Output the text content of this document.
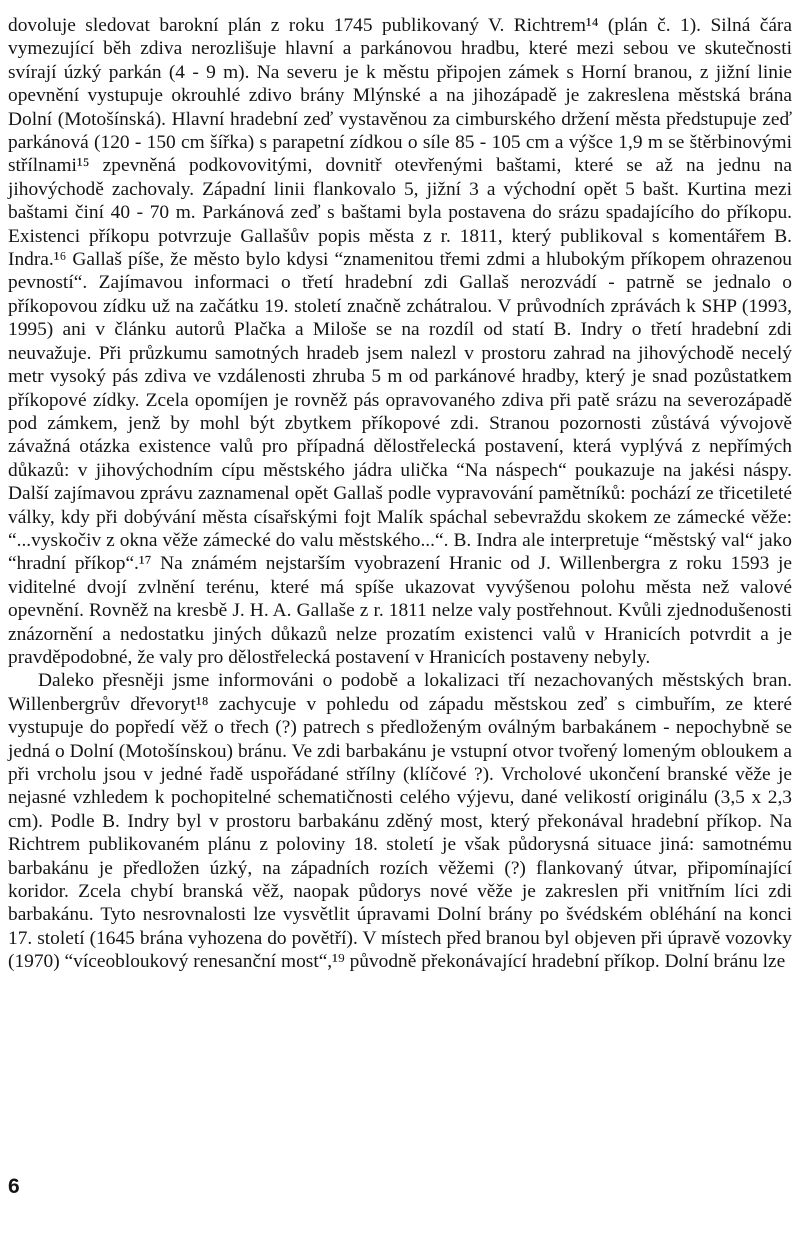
dovoluje sledovat barokní plán z roku 1745 publikovaný V. Richtrem¹⁴ (plán č. 1). Silná čára vymezující běh zdiva nerozlišuje hlavní a parkánovou hradbu, které mezi sebou ve skutečnosti svírají úzký parkán (4 - 9 m). Na severu je k městu připojen zámek s Horní branou, z jižní linie opevnění vystupuje okrouhlé zdivo brány Mlýnské a na jihozápadě je zakreslena městská brána Dolní (Motošínská). Hlavní hradební zeď vystavěnou za cimburského držení města předstupuje zeď parkánová (120 - 150 cm šířka) s parapetní zídkou o síle 85 - 105 cm a výšce 1,9 m se štěrbinovými střílnami¹⁵ zpevněná podkovovitými, dovnitř otevřenými baštami, které se až na jednu na jihovýchodě zachovaly. Západní linii flankovalo 5, jižní 3 a východní opět 5 bašt. Kurtina mezi baštami činí 40 - 70 m. Parkánová zeď s baštami byla postavena do srázu spadajícího do příkopu. Existenci příkopu potvrzuje Gallašův popis města z r. 1811, který publikoval s komentářem B. Indra.¹⁶ Gallaš píše, že město bylo kdysi “znamenitou třemi zdmi a hlubokým příkopem ohrazenou pevností“. Zajímavou informaci o třetí hradební zdi Gallaš nerozvádí - patrně se jednalo o příkopovou zídku už na začátku 19. století značně zchátralou. V průvodních zprávách k SHP (1993, 1995) ani v článku autorů Plačka a Miloše se na rozdíl od statí B. Indry o třetí hradební zdi neuvažuje. Při průzkumu samotných hradeb jsem nalezl v prostoru zahrad na jihovýchodě necelý metr vysoký pás zdiva ve vzdálenosti zhruba 5 m od parkánové hradby, který je snad pozůstatkem příkopové zídky. Zcela opomíjen je rovněž pás opravovaného zdiva při patě srázu na severozápadě pod zámkem, jenž by mohl být zbytkem příkopové zdi. Stranou pozornosti zůstává vývojově závažná otázka existence valů pro případná dělostřelecká postavení, která vyplývá z nepřímých důkazů: v jihovýchodním cípu městského jádra ulička “Na náspech“ poukazuje na jakési náspy. Další zajímavou zprávu zaznamenal opět Gallaš podle vypravování pamětníků: pochází ze třicetileté války, kdy při dobývání města císařskými fojt Malík spáchal sebevraždu skokem ze zámecké věže: “...vyskočiv z okna věže zámecké do valu městského...“. B. Indra ale interpretuje “městský val“ jako “hradní příkop“.¹⁷ Na známém nejstarším vyobrazení Hranic od J. Willenbergra z roku 1593 je viditelné dvojí zvlnění terénu, které má spíše ukazovat vyvýšenou polohu města než valové opevnění. Rovněž na kresbě J. H. A. Gallaše z r. 1811 nelze valy postřehnout. Kvůli zjednodušenosti znázornění a nedostatku jiných důkazů nelze prozatím existenci valů v Hranicích potvrdit a je pravděpodobné, že valy pro dělostřelecká postavení v Hranicích postaveny nebyly.

Daleko přesněji jsme informováni o podobě a lokalizaci tří nezachovaných městských bran. Willenbergrův dřevoryt¹⁸ zachycuje v pohledu od západu městskou zeď s cimbuřím, ze které vystupuje do popředí věž o třech (?) patrech s předloženým oválným barbakánem - nepochybně se jedná o Dolní (Motošínskou) bránu. Ve zdi barbakánu je vstupní otvor tvořený lomeným obloukem a při vrcholu jsou v jedné řadě uspořádané střílny (klíčové ?). Vrcholové ukončení branské věže je nejasné vzhledem k pochopitelné schematičnosti celého výjevu, dané velikostí originálu (3,5 x 2,3 cm). Podle B. Indry byl v prostoru barbakánu zděný most, který překonával hradební příkop. Na Richtrem publikovaném plánu z poloviny 18. století je však půdorysná situace jiná: samotnému barbakánu je předložen úzký, na západních rozích věžemi (?) flankovaný útvar, připomínající koridor. Zcela chybí branská věž, naopak půdorys nové věže je zakreslen při vnitřním líci zdi barbakánu. Tyto nesrovnalosti lze vysvětlit úpravami Dolní brány po švédském obléhání na konci 17. století (1645 brána vyhozena do povětří). V místech před branou byl objeven při úpravě vozovky (1970) “víceobloukový renesanční most“,¹⁹ původně překonávající hradební příkop. Dolní bránu lze

6
